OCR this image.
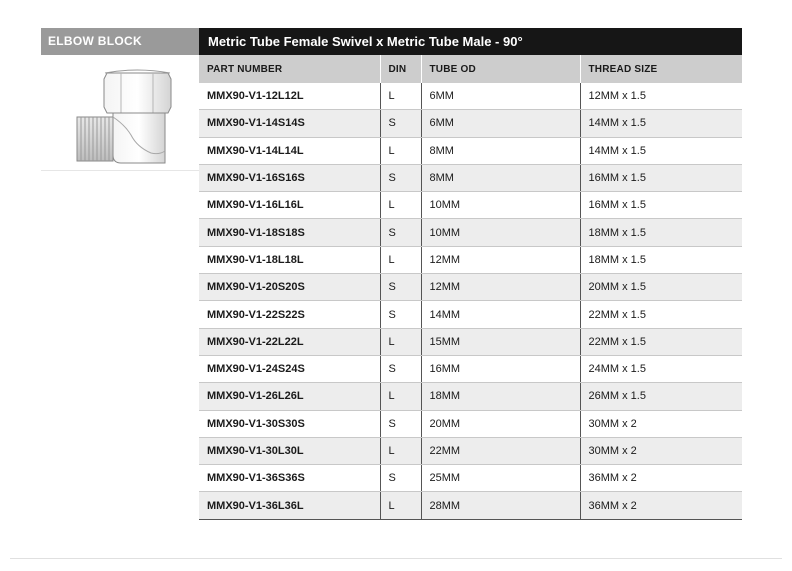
ELBOW BLOCK	Metric Tube Female Swivel x Metric Tube Male - 90°
PART NUMBER	DIN	TUBE OD	THREAD SIZE
MMX90-V1-12L12L	L	6MM	12MM x 1.5
MMX90-V1-14S14S	S	6MM	14MM x 1.5
MMX90-V1-14L14L	L	8MM	14MM x 1.5
MMX90-V1-16S16S	S	8MM	16MM x 1.5
MMX90-V1-16L16L	L	10MM	16MM x 1.5
MMX90-V1-18S18S	S	10MM	18MM x 1.5
MMX90-V1-18L18L	L	12MM	18MM x 1.5
MMX90-V1-20S20S	S	12MM	20MM x 1.5
MMX90-V1-22S22S	S	14MM	22MM x 1.5
MMX90-V1-22L22L	L	15MM	22MM x 1.5
MMX90-V1-24S24S	S	16MM	24MM x 1.5
MMX90-V1-26L26L	L	18MM	26MM x 1.5
MMX90-V1-30S30S	S	20MM	30MM x 2
MMX90-V1-30L30L	L	22MM	30MM x 2
MMX90-V1-36S36S	S	25MM	36MM x 2
MMX90-V1-36L36L	L	28MM	36MM x 2
